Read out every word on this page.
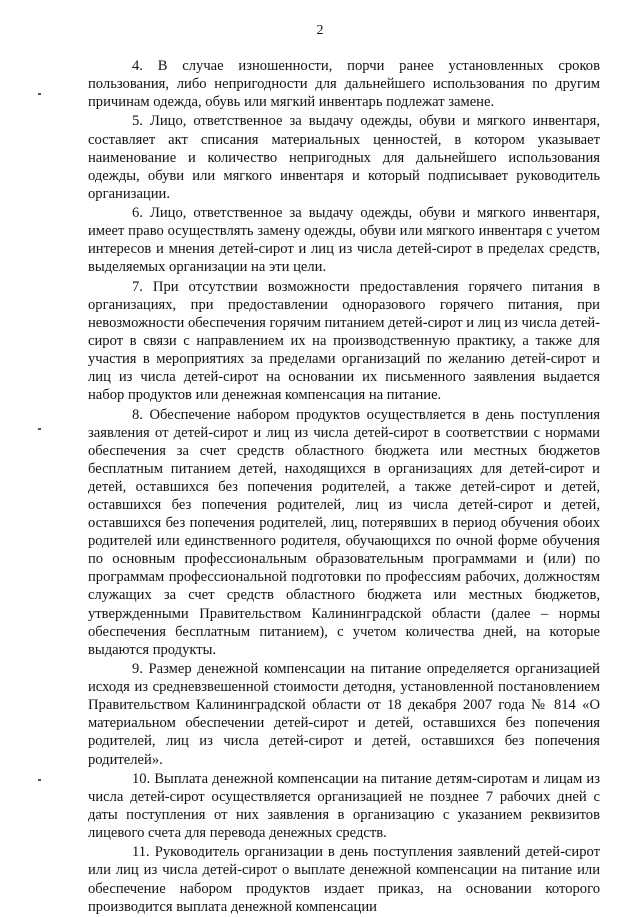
2

4. В случае изношенности, порчи ранее установленных сроков пользования, либо непригодности для дальнейшего использования по другим причинам одежда, обувь или мягкий инвентарь подлежат замене.

5. Лицо, ответственное за выдачу одежды, обуви и мягкого инвентаря, составляет акт списания материальных ценностей, в котором указывает наименование и количество непригодных для дальнейшего использования одежды, обуви или мягкого инвентаря и который подписывает руководитель организации.

6. Лицо, ответственное за выдачу одежды, обуви и мягкого инвентаря, имеет право осуществлять замену одежды, обуви или мягкого инвентаря с учетом интересов и мнения детей-сирот и лиц из числа детей-сирот в пределах средств, выделяемых организации на эти цели.

7. При отсутствии возможности предоставления горячего питания в организациях, при предоставлении одноразового горячего питания, при невозможности обеспечения горячим питанием детей-сирот и лиц из числа детей-сирот в связи с направлением их на производственную практику, а также для участия в мероприятиях за пределами организаций по желанию детей-сирот и лиц из числа детей-сирот на основании их письменного заявления выдается набор продуктов или денежная компенсация на питание.

8. Обеспечение набором продуктов осуществляется в день поступления заявления от детей-сирот и лиц из числа детей-сирот в соответствии с нормами обеспечения за счет средств областного бюджета или местных бюджетов бесплатным питанием детей, находящихся в организациях для детей-сирот и детей, оставшихся без попечения родителей, а также детей-сирот и детей, оставшихся без попечения родителей, лиц из числа детей-сирот и детей, оставшихся без попечения родителей, лиц, потерявших в период обучения обоих родителей или единственного родителя, обучающихся по очной форме обучения по основным профессиональным образовательным программами и (или) по программам профессиональной подготовки по профессиям рабочих, должностям служащих за счет средств областного бюджета или местных бюджетов, утвержденными Правительством Калининградской области (далее – нормы обеспечения бесплатным питанием), с учетом количества дней, на которые выдаются продукты.

9. Размер денежной компенсации на питание определяется организацией исходя из средневзвешенной стоимости детодня, установленной постановлением Правительством Калининградской области от 18 декабря 2007 года № 814 «О материальном обеспечении детей-сирот и детей, оставшихся без попечения родителей, лиц из числа детей-сирот и детей, оставшихся без попечения родителей».

10. Выплата денежной компенсации на питание детям-сиротам и лицам из числа детей-сирот осуществляется организацией не позднее 7 рабочих дней с даты поступления от них заявления в организацию с указанием реквизитов лицевого счета для перевода денежных средств.

11. Руководитель организации в день поступления заявлений детей-сирот или лиц из числа детей-сирот о выплате денежной компенсации на питание или обеспечение набором продуктов издает приказ, на основании которого производится выплата денежной компенсации
